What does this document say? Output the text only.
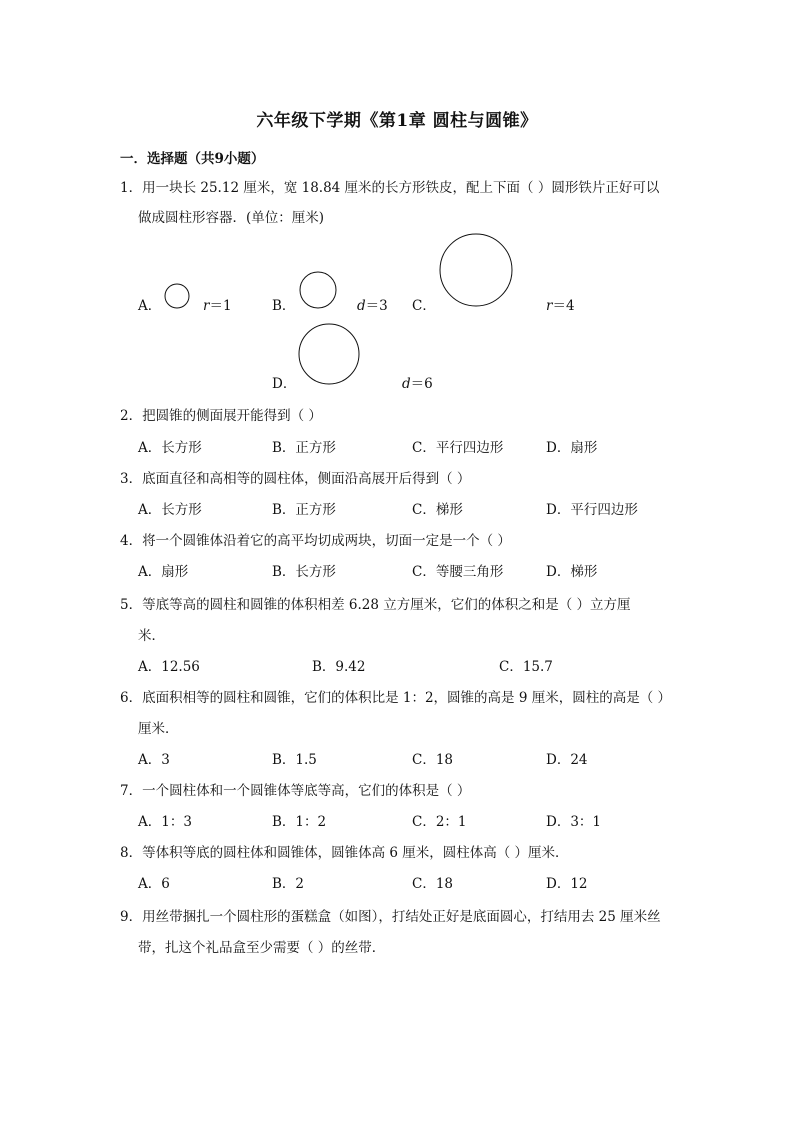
六年级下学期《第1章 圆柱与圆锥》
一．选择题（共9小题）
1．用一块长 25.12 厘米，宽 18.84 厘米的长方形铁皮，配上下面（ ）圆形铁片正好可以
做成圆柱形容器．(单位：厘米)
A．	r＝1	B．	d＝3 C．	r＝4
D．	d＝6
2．把圆锥的侧面展开能得到（ ）
A．长方形	B．正方形	C．平行四边形	D．扇形
3．底面直径和高相等的圆柱体，侧面沿高展开后得到（ ）
A．长方形	B．正方形	C．梯形	D．平行四边形
4．将一个圆锥体沿着它的高平均切成两块，切面一定是一个（ ）
A．扇形	B．长方形	C．等腰三角形	D．梯形
5．等底等高的圆柱和圆锥的体积相差 6.28 立方厘米，它们的体积之和是（ ）立方厘
米．
A．12.56	B．9.42	C．15.7
6．底面积相等的圆柱和圆锥，它们的体积比是 1：2，圆锥的高是 9 厘米，圆柱的高是（ ）
厘米．
A．3	B．1.5	C．18	D．24
7．一个圆柱体和一个圆锥体等底等高，它们的体积是（ ）
A．1：3	B．1：2	C．2：1	D．3：1
8．等体积等底的圆柱体和圆锥体，圆锥体高 6 厘米，圆柱体高（ ）厘米．
A．6	B．2	C．18	D．12
9．用丝带捆扎一个圆柱形的蛋糕盒（如图），打结处正好是底面圆心，打结用去 25 厘米丝
带，扎这个礼品盒至少需要（ ）的丝带．
